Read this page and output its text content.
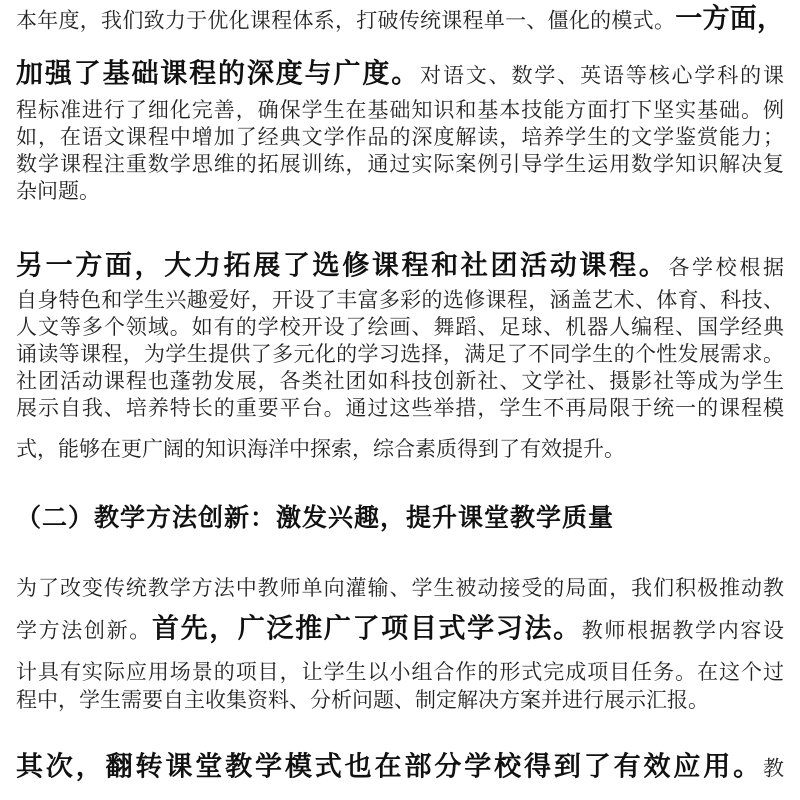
本年度，我们致力于优化课程体系，打破传统课程单一、僵化的模式。一方面，
加强了基础课程的深度与广度。对语文、数学、英语等核心学科的课
程标准进行了细化完善，确保学生在基础知识和基本技能方面打下坚实基础。例
如，在语文课程中增加了经典文学作品的深度解读，培养学生的文学鉴赏能力；
数学课程注重数学思维的拓展训练，通过实际案例引导学生运用数学知识解决复
杂问题。
另一方面，大力拓展了选修课程和社团活动课程。各学校根据
自身特色和学生兴趣爱好，开设了丰富多彩的选修课程，涵盖艺术、体育、科技、
人文等多个领域。如有的学校开设了绘画、舞蹈、足球、机器人编程、国学经典
诵读等课程，为学生提供了多元化的学习选择，满足了不同学生的个性发展需求。
社团活动课程也蓬勃发展，各类社团如科技创新社、文学社、摄影社等成为学生
展示自我、培养特长的重要平台。通过这些举措，学生不再局限于统一的课程模
式，能够在更广阔的知识海洋中探索，综合素质得到了有效提升。
（二）教学方法创新：激发兴趣，提升课堂教学质量
为了改变传统教学方法中教师单向灌输、学生被动接受的局面，我们积极推动教
学方法创新。首先，广泛推广了项目式学习法。教师根据教学内容设
计具有实际应用场景的项目，让学生以小组合作的形式完成项目任务。在这个过
程中，学生需要自主收集资料、分析问题、制定解决方案并进行展示汇报。
其次，翻转课堂教学模式也在部分学校得到了有效应用。教
